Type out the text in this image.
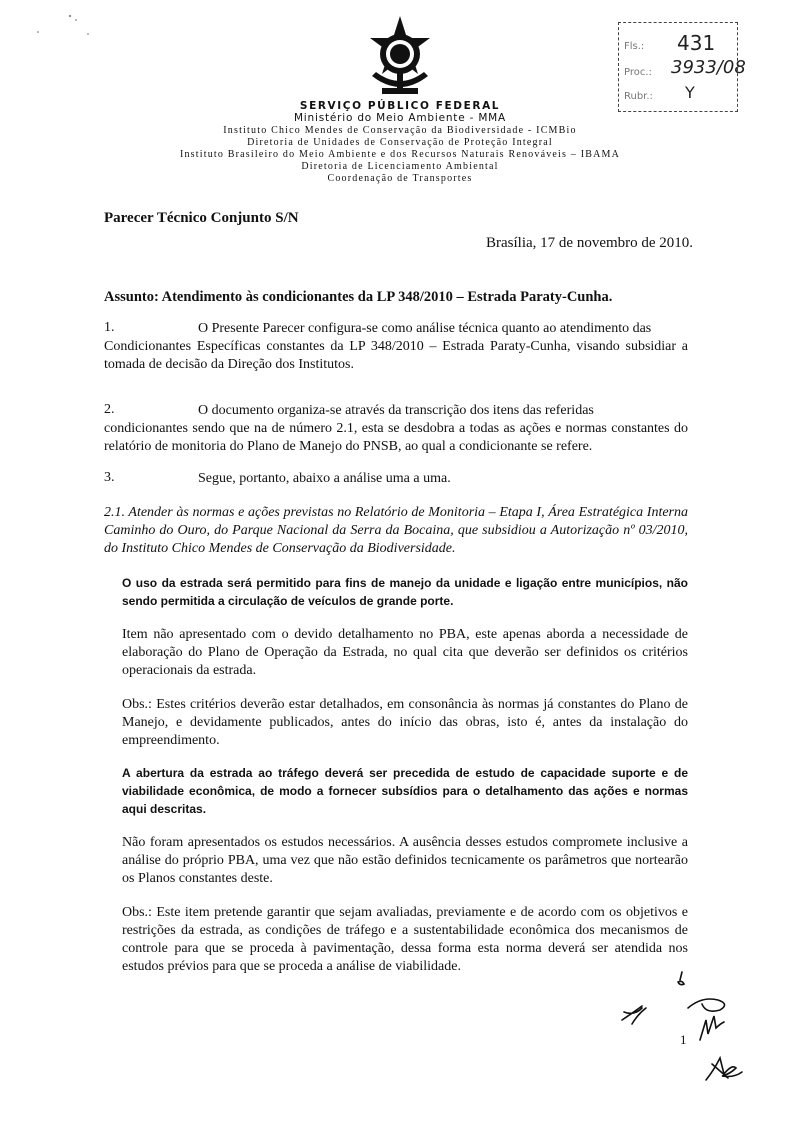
SERVIÇO PÚBLICO FEDERAL
Ministério do Meio Ambiente - MMA
Instituto Chico Mendes de Conservação da Biodiversidade - ICMBio
Diretoria de Unidades de Conservação de Proteção Integral
Instituto Brasileiro do Meio Ambiente e dos Recursos Naturais Renováveis – IBAMA
Diretoria de Licenciamento Ambiental
Coordenação de Transportes
Fls.: 431
Proc.: 3933/08
Rubr.: Y
Parecer Técnico Conjunto S/N
Brasília, 17 de novembro de 2010.
Assunto: Atendimento às condicionantes da LP 348/2010 – Estrada Paraty-Cunha.
1.	O Presente Parecer configura-se como análise técnica quanto ao atendimento das
Condicionantes Específicas constantes da LP 348/2010 – Estrada Paraty-Cunha, visando subsidiar a tomada de decisão da Direção dos Institutos.
2.	O documento organiza-se através da transcrição dos itens das referidas
condicionantes sendo que na de número 2.1, esta se desdobra a todas as ações e normas constantes do relatório de monitoria do Plano de Manejo do PNSB, ao qual a condicionante se refere.
3.	Segue, portanto, abaixo a análise uma a uma.
2.1. Atender às normas e ações previstas no Relatório de Monitoria – Etapa I, Área Estratégica Interna Caminho do Ouro, do Parque Nacional da Serra da Bocaina, que subsidiou a Autorização nº 03/2010, do Instituto Chico Mendes de Conservação da Biodiversidade.
O uso da estrada será permitido para fins de manejo da unidade e ligação entre municípios, não sendo permitida a circulação de veículos de grande porte.
Item não apresentado com o devido detalhamento no PBA, este apenas aborda a necessidade de elaboração do Plano de Operação da Estrada, no qual cita que deverão ser definidos os critérios operacionais da estrada.
Obs.: Estes critérios deverão estar detalhados, em consonância às normas já constantes do Plano de Manejo, e devidamente publicados, antes do início das obras, isto é, antes da instalação do empreendimento.
A abertura da estrada ao tráfego deverá ser precedida de estudo de capacidade suporte e de viabilidade econômica, de modo a fornecer subsídios para o detalhamento das ações e normas aqui descritas.
Não foram apresentados os estudos necessários. A ausência desses estudos compromete inclusive a análise do próprio PBA, uma vez que não estão definidos tecnicamente os parâmetros que nortearão os Planos constantes deste.
Obs.: Este item pretende garantir que sejam avaliadas, previamente e de acordo com os objetivos e restrições da estrada, as condições de tráfego e a sustentabilidade econômica dos mecanismos de controle para que se proceda à pavimentação, dessa forma esta norma deverá ser atendida nos estudos prévios para que se proceda a análise de viabilidade.
1
